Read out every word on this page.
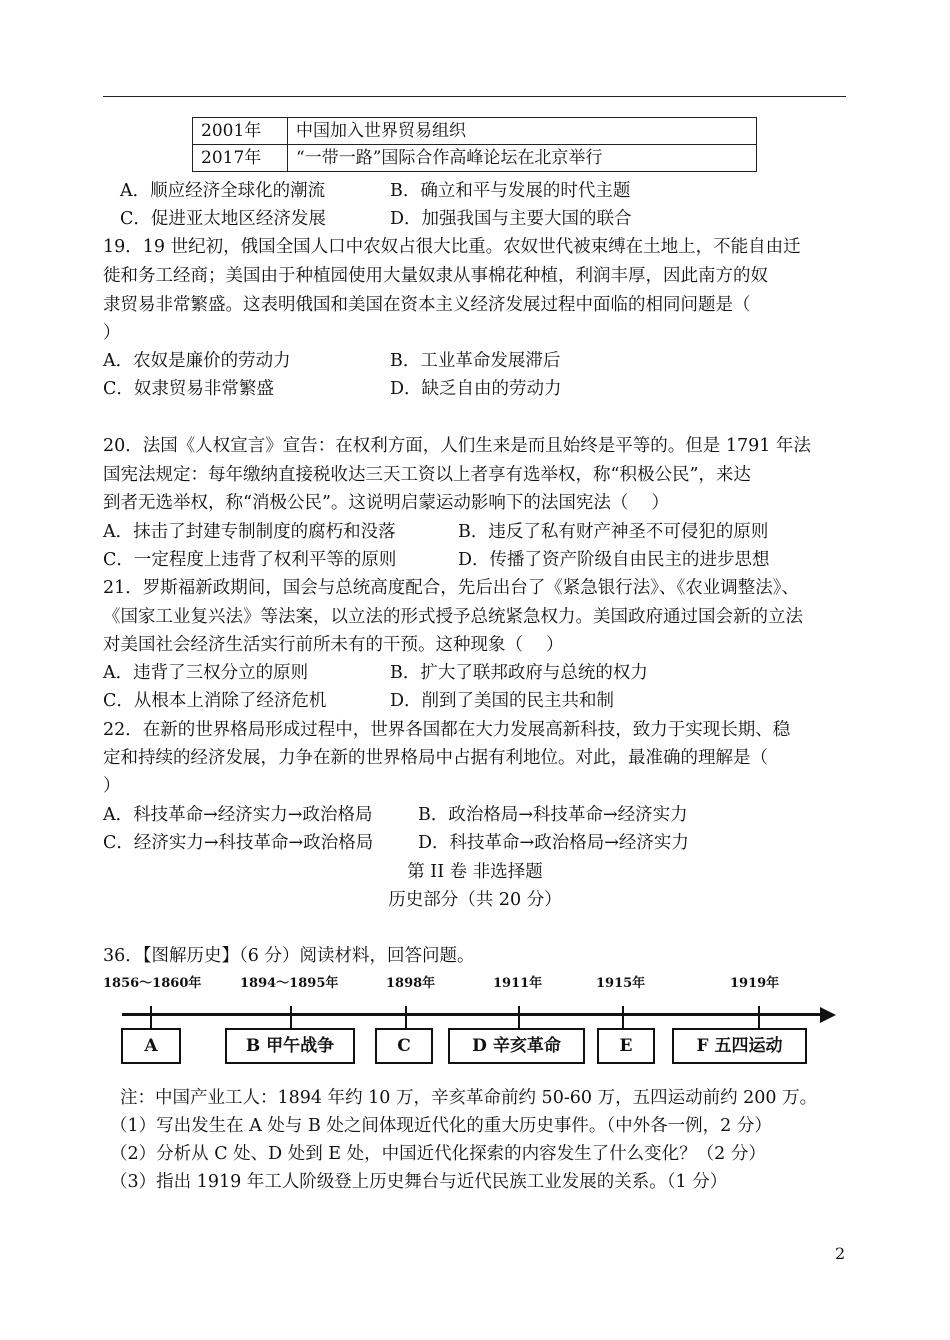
2001年	中国加入世界贸易组织
2017年	“一带一路”国际合作高峰论坛在北京举行
A．顺应经济全球化的潮流	B．确立和平与发展的时代主题
C．促进亚太地区经济发展	D．加强我国与主要大国的联合
19．19 世纪初，俄国全国人口中农奴占很大比重。农奴世代被束缚在土地上，不能自由迁
徙和务工经商；美国由于种植园使用大量奴隶从事棉花种植，利润丰厚，因此南方的奴
隶贸易非常繁盛。这表明俄国和美国在资本主义经济发展过程中面临的相同问题是（
）
A．农奴是廉价的劳动力	B．工业革命发展滞后
C．奴隶贸易非常繁盛	D．缺乏自由的劳动力
20．法国《人权宣言》宣告：在权利方面，人们生来是而且始终是平等的。但是 1791 年法
国宪法规定：每年缴纳直接税收达三天工资以上者享有选举权，称“积极公民”，来达
到者无选举权，称“消极公民”。这说明启蒙运动影响下的法国宪法（　 ）
A．抹击了封建专制制度的腐朽和没落	B．违反了私有财产神圣不可侵犯的原则
C．一定程度上违背了权利平等的原则	D．传播了资产阶级自由民主的进步思想
21．罗斯福新政期间，国会与总统高度配合，先后出台了《紧急银行法》、《农业调整法》、
《国家工业复兴法》等法案，以立法的形式授予总统紧急权力。美国政府通过国会新的立法
对美国社会经济生活实行前所未有的干预。这种现象（　 ）
A．违背了三权分立的原则	B．扩大了联邦政府与总统的权力
C．从根本上消除了经济危机	D．削到了美国的民主共和制
22．在新的世界格局形成过程中，世界各国都在大力发展高新科技，致力于实现长期、稳
定和持续的经济发展，力争在新的世界格局中占据有利地位。对此，最准确的理解是（
）
A．科技革命→经济实力→政治格局	B．政治格局→科技革命→经济实力
C．经济实力→科技革命→政治格局	D．科技革命→政治格局→经济实力
第 II 卷 非选择题
历史部分（共 20 分）
36．【图解历史】（6 分）阅读材料，回答问题。
1856～1860年	1894～1895年	1898年	1911年	1915年	1919年
A	B 甲午战争	C	D 辛亥革命	E	F 五四运动
注：中国产业工人：1894 年约 10 万，辛亥革命前约 50-60 万，五四运动前约 200 万。
（1）写出发生在 A 处与 B 处之间体现近代化的重大历史事件。（中外各一例，2 分）
（2）分析从 C 处、D 处到 E 处，中国近代化探索的内容发生了什么变化？（2 分）
（3）指出 1919 年工人阶级登上历史舞台与近代民族工业发展的关系。（1 分）
2
